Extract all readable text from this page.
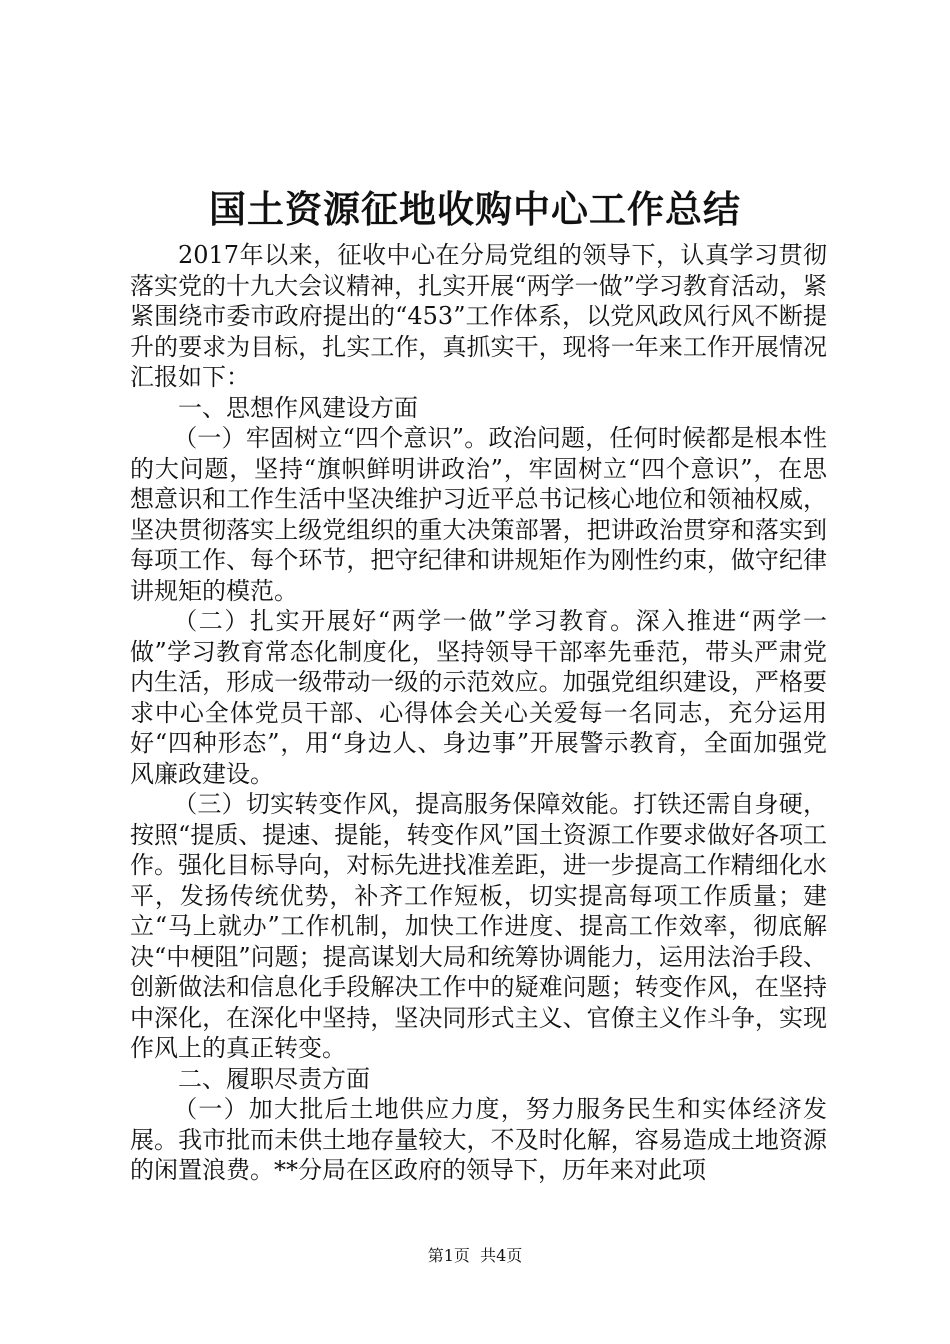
国土资源征地收购中心工作总结

2017年以来，征收中心在分局党组的领导下，认真学习贯彻落实党的十九大会议精神，扎实开展“两学一做”学习教育活动，紧紧围绕市委市政府提出的“453”工作体系，以党风政风行风不断提升的要求为目标，扎实工作，真抓实干，现将一年来工作开展情况汇报如下：

一、思想作风建设方面

（一）牢固树立“四个意识”。政治问题，任何时候都是根本性的大问题，坚持“旗帜鲜明讲政治”，牢固树立“四个意识”，在思想意识和工作生活中坚决维护习近平总书记核心地位和领袖权威，坚决贯彻落实上级党组织的重大决策部署，把讲政治贯穿和落实到每项工作、每个环节，把守纪律和讲规矩作为刚性约束，做守纪律讲规矩的模范。

（二）扎实开展好“两学一做”学习教育。深入推进“两学一做”学习教育常态化制度化，坚持领导干部率先垂范，带头严肃党内生活，形成一级带动一级的示范效应。加强党组织建设，严格要求中心全体党员干部、心得体会关心关爱每一名同志，充分运用好“四种形态”，用“身边人、身边事”开展警示教育，全面加强党风廉政建设。

（三）切实转变作风，提高服务保障效能。打铁还需自身硬，按照“提质、提速、提能，转变作风”国土资源工作要求做好各项工作。强化目标导向，对标先进找准差距，进一步提高工作精细化水平，发扬传统优势，补齐工作短板，切实提高每项工作质量；建立“马上就办”工作机制，加快工作进度、提高工作效率，彻底解决“中梗阻”问题；提高谋划大局和统筹协调能力，运用法治手段、创新做法和信息化手段解决工作中的疑难问题；转变作风，在坚持中深化，在深化中坚持，坚决同形式主义、官僚主义作斗争，实现作风上的真正转变。

二、履职尽责方面

（一）加大批后土地供应力度，努力服务民生和实体经济发展。我市批而未供土地存量较大，不及时化解，容易造成土地资源的闲置浪费。**分局在区政府的领导下，历年来对此项

第1页  共4页
